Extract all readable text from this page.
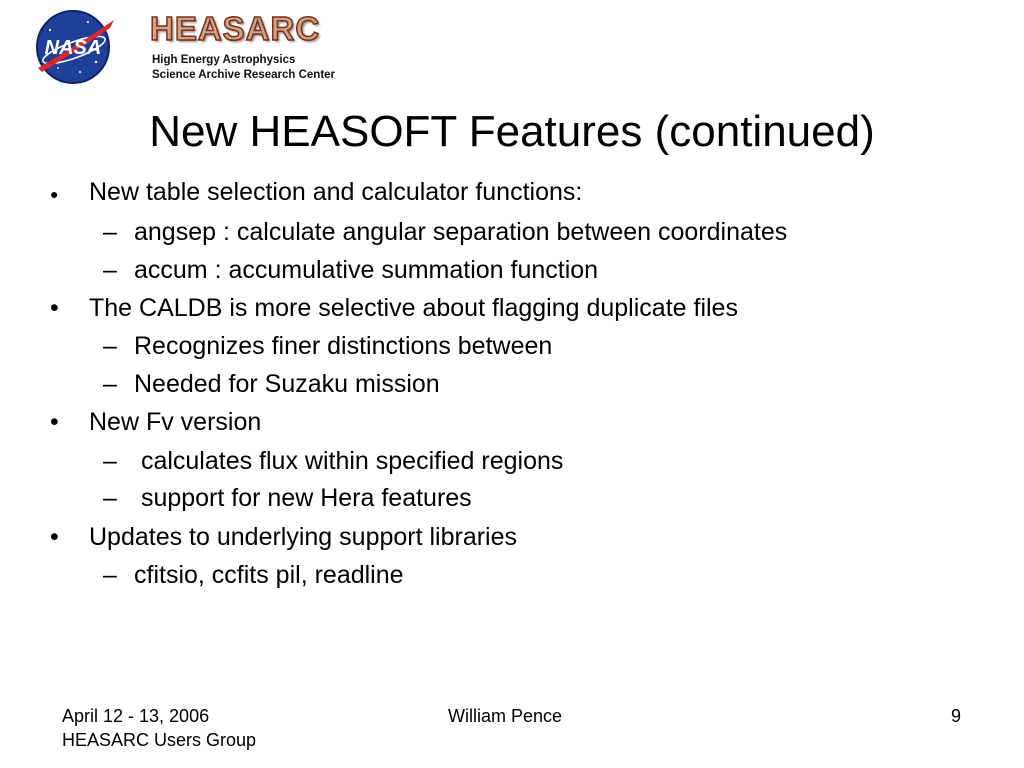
NASA
HEASARC
High Energy Astrophysics
Science Archive Research Center
New HEASOFT Features (continued)
● New table selection and calculator functions:
– angsep : calculate angular separation between coordinates
– accum : accumulative summation function
• The CALDB is more selective about flagging duplicate files
– Recognizes finer distinctions between
– Needed for Suzaku mission
• New Fv version
– calculates flux within specified regions
– support for new Hera features
• Updates to underlying support libraries
– cfitsio, ccfits pil, readline
April 12 - 13, 2006
HEASARC Users Group
William Pence	9
